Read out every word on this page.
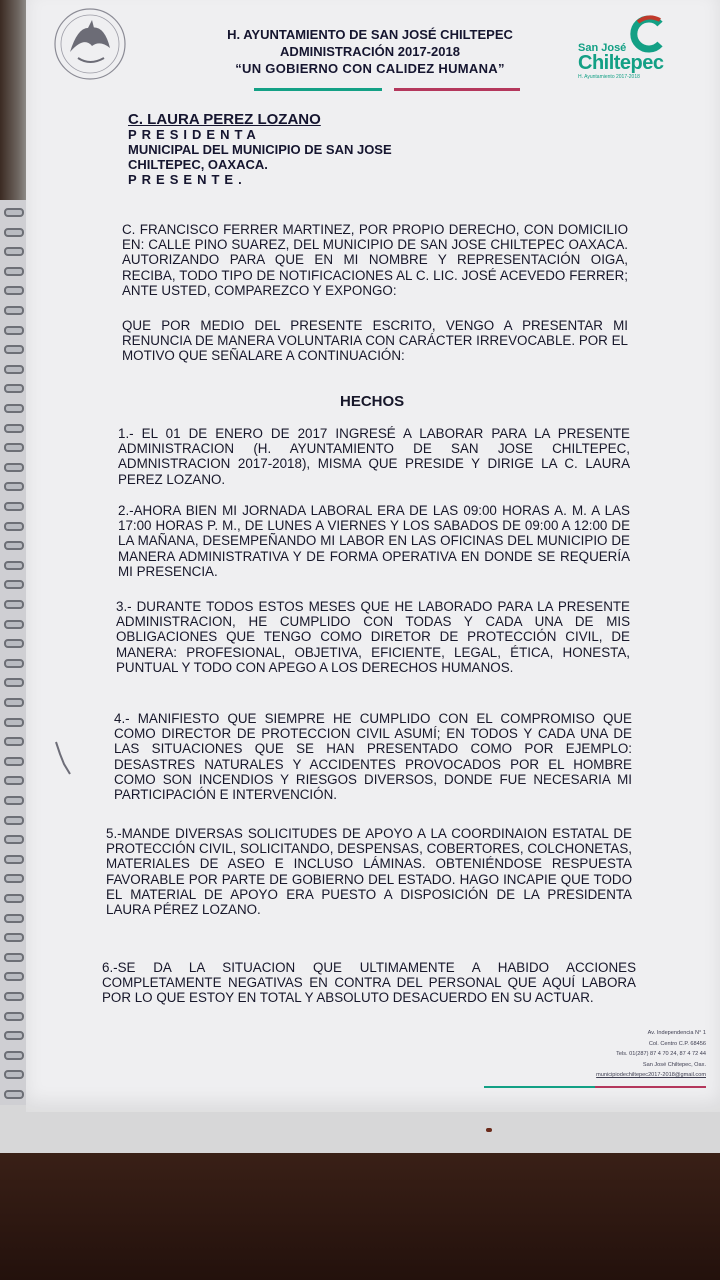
H. AYUNTAMIENTO DE SAN JOSÉ CHILTEPEC
ADMINISTRACIÓN 2017-2018
“UN GOBIERNO CON CALIDEZ HUMANA”
San José
Chiltepec
H. Ayuntamiento 2017-2018
C. LAURA PEREZ LOZANO
PRESIDENTA
MUNICIPAL DEL MUNICIPIO DE SAN JOSE
CHILTEPEC, OAXACA.
PRESENTE.
C. FRANCISCO FERRER MARTINEZ, POR PROPIO DERECHO, CON DOMICILIO EN: CALLE PINO SUAREZ, DEL MUNICIPIO DE SAN JOSE CHILTEPEC OAXACA. AUTORIZANDO PARA QUE EN MI NOMBRE Y REPRESENTACIÓN OIGA, RECIBA, TODO TIPO DE NOTIFICACIONES AL C. LIC. JOSÉ ACEVEDO FERRER; ANTE USTED, COMPAREZCO Y EXPONGO:
QUE POR MEDIO DEL PRESENTE ESCRITO, VENGO A PRESENTAR MI RENUNCIA DE MANERA VOLUNTARIA CON CARÁCTER IRREVOCABLE. POR EL MOTIVO QUE SEÑALARE A CONTINUACIÓN:
HECHOS
1.- EL 01 DE ENERO DE 2017 INGRESÉ A LABORAR PARA LA PRESENTE ADMINISTRACION (H. AYUNTAMIENTO DE SAN JOSE CHILTEPEC, ADMNISTRACION 2017-2018), MISMA QUE PRESIDE Y DIRIGE LA C. LAURA PEREZ LOZANO.
2.-AHORA BIEN MI JORNADA LABORAL ERA DE LAS 09:00 HORAS A. M. A LAS 17:00 HORAS P. M., DE LUNES A VIERNES Y LOS SABADOS DE 09:00 A 12:00 DE LA MAÑANA, DESEMPEÑANDO MI LABOR EN LAS OFICINAS DEL MUNICIPIO DE MANERA ADMINISTRATIVA Y DE FORMA OPERATIVA EN DONDE SE REQUERÍA MI PRESENCIA.
3.- DURANTE TODOS ESTOS MESES QUE HE LABORADO PARA LA PRESENTE ADMINISTRACION, HE CUMPLIDO CON TODAS Y CADA UNA DE MIS OBLIGACIONES QUE TENGO COMO DIRETOR DE PROTECCIÓN CIVIL, DE MANERA: PROFESIONAL, OBJETIVA, EFICIENTE, LEGAL, ÉTICA, HONESTA, PUNTUAL Y TODO CON APEGO A LOS DERECHOS HUMANOS.
4.- MANIFIESTO QUE SIEMPRE HE CUMPLIDO CON EL COMPROMISO QUE COMO DIRECTOR DE PROTECCION CIVIL ASUMÍ; EN TODOS Y CADA UNA DE LAS SITUACIONES QUE SE HAN PRESENTADO COMO POR EJEMPLO: DESASTRES NATURALES Y ACCIDENTES PROVOCADOS POR EL HOMBRE COMO SON INCENDIOS Y RIESGOS DIVERSOS, DONDE FUE NECESARIA MI PARTICIPACIÓN E INTERVENCIÓN.
5.-MANDE DIVERSAS SOLICITUDES DE APOYO A LA COORDINAION ESTATAL DE PROTECCIÓN CIVIL, SOLICITANDO, DESPENSAS, COBERTORES, COLCHONETAS, MATERIALES DE ASEO E INCLUSO LÁMINAS. OBTENIÉNDOSE RESPUESTA FAVORABLE POR PARTE DE GOBIERNO DEL ESTADO. HAGO INCAPIE QUE TODO EL MATERIAL DE APOYO ERA PUESTO A DISPOSICIÓN DE LA PRESIDENTA LAURA PÉREZ LOZANO.
6.-SE DA LA SITUACION QUE ULTIMAMENTE A HABIDO ACCIONES COMPLETAMENTE NEGATIVAS EN CONTRA DEL PERSONAL QUE AQUÍ LABORA POR LO QUE ESTOY EN TOTAL Y ABSOLUTO DESACUERDO EN SU ACTUAR.
Av. Independencia N° 1
Col. Centro C.P. 68456
Tels. 01(287) 87 4 70 24, 87 4 72 44
San José Chiltepec, Oax.
municipiodechiltepec2017-2018@gmail.com
